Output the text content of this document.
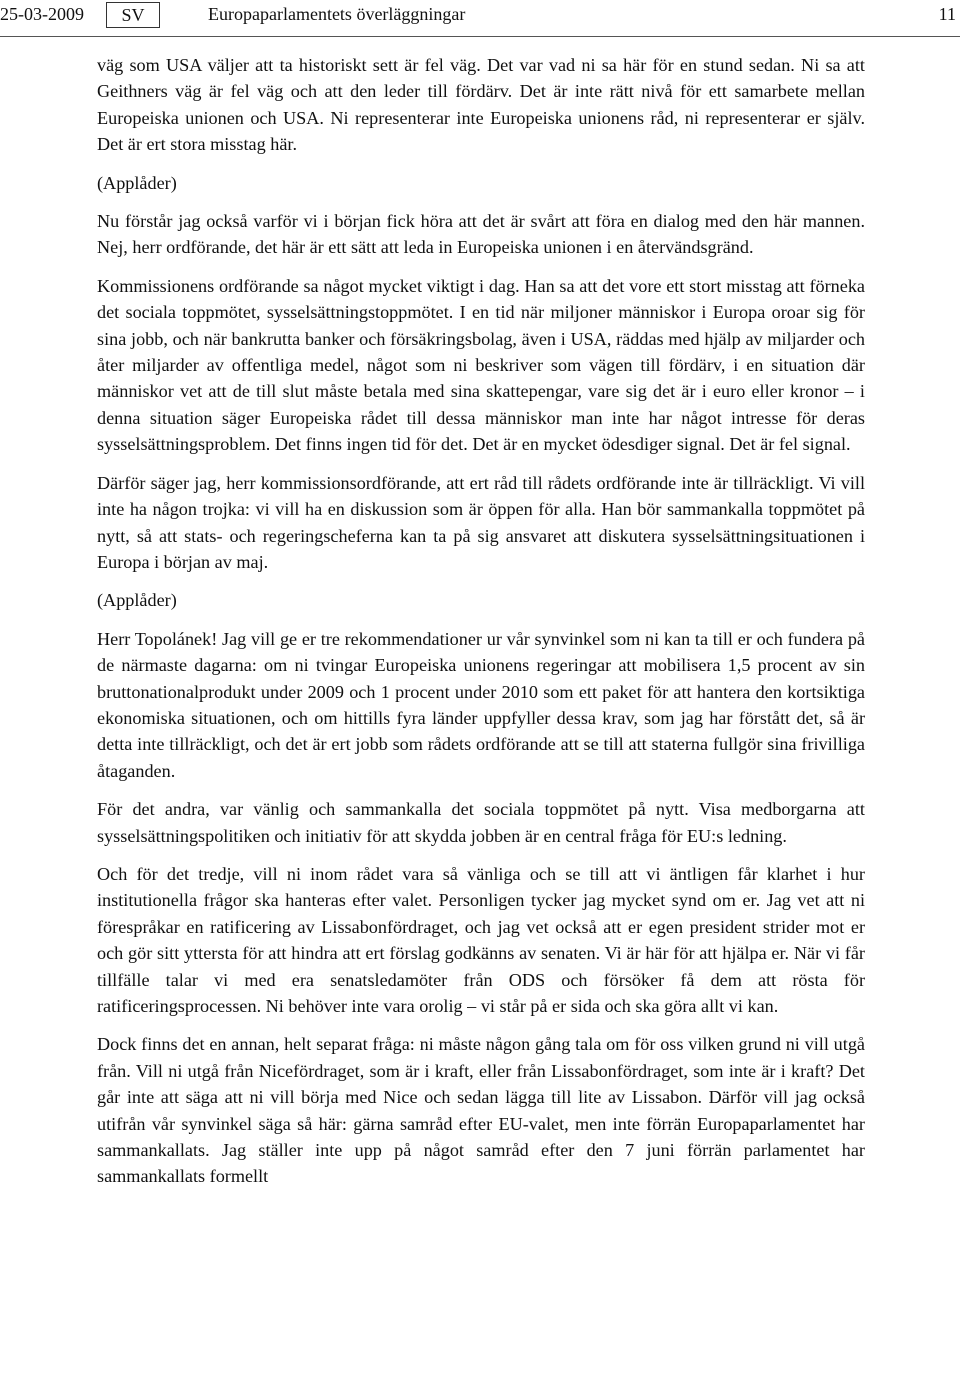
25-03-2009	SV	Europaparlamentets överläggningar	11

väg som USA väljer att ta historiskt sett är fel väg. Det var vad ni sa här för en stund sedan. Ni sa att Geithners väg är fel väg och att den leder till fördärv. Det är inte rätt nivå för ett samarbete mellan Europeiska unionen och USA. Ni representerar inte Europeiska unionens råd, ni representerar er själv. Det är ert stora misstag här.

(Applåder)

Nu förstår jag också varför vi i början fick höra att det är svårt att föra en dialog med den här mannen. Nej, herr ordförande, det här är ett sätt att leda in Europeiska unionen i en återvändsgränd.

Kommissionens ordförande sa något mycket viktigt i dag. Han sa att det vore ett stort misstag att förneka det sociala toppmötet, sysselsättningstoppmötet. I en tid när miljoner människor i Europa oroar sig för sina jobb, och när bankrutta banker och försäkringsbolag, även i USA, räddas med hjälp av miljarder och åter miljarder av offentliga medel, något som ni beskriver som vägen till fördärv, i en situation där människor vet att de till slut måste betala med sina skattepengar, vare sig det är i euro eller kronor – i denna situation säger Europeiska rådet till dessa människor man inte har något intresse för deras sysselsättningsproblem. Det finns ingen tid för det. Det är en mycket ödesdiger signal. Det är fel signal.

Därför säger jag, herr kommissionsordförande, att ert råd till rådets ordförande inte är tillräckligt. Vi vill inte ha någon trojka: vi vill ha en diskussion som är öppen för alla. Han bör sammankalla toppmötet på nytt, så att stats- och regeringscheferna kan ta på sig ansvaret att diskutera sysselsättningsituationen i Europa i början av maj.

(Applåder)

Herr Topolánek! Jag vill ge er tre rekommendationer ur vår synvinkel som ni kan ta till er och fundera på de närmaste dagarna: om ni tvingar Europeiska unionens regeringar att mobilisera 1,5 procent av sin bruttonationalprodukt under 2009 och 1 procent under 2010 som ett paket för att hantera den kortsiktiga ekonomiska situationen, och om hittills fyra länder uppfyller dessa krav, som jag har förstått det, så är detta inte tillräckligt, och det är ert jobb som rådets ordförande att se till att staterna fullgör sina frivilliga åtaganden.

För det andra, var vänlig och sammankalla det sociala toppmötet på nytt. Visa medborgarna att sysselsättningspolitiken och initiativ för att skydda jobben är en central fråga för EU:s ledning.

Och för det tredje, vill ni inom rådet vara så vänliga och se till att vi äntligen får klarhet i hur institutionella frågor ska hanteras efter valet. Personligen tycker jag mycket synd om er. Jag vet att ni förespråkar en ratificering av Lissabonfördraget, och jag vet också att er egen president strider mot er och gör sitt yttersta för att hindra att ert förslag godkänns av senaten. Vi är här för att hjälpa er. När vi får tillfälle talar vi med era senatsledamöter från ODS och försöker få dem att rösta för ratificeringsprocessen. Ni behöver inte vara orolig – vi står på er sida och ska göra allt vi kan.

Dock finns det en annan, helt separat fråga: ni måste någon gång tala om för oss vilken grund ni vill utgå från. Vill ni utgå från Nicefördraget, som är i kraft, eller från Lissabonfördraget, som inte är i kraft? Det går inte att säga att ni vill börja med Nice och sedan lägga till lite av Lissabon. Därför vill jag också utifrån vår synvinkel säga så här: gärna samråd efter EU-valet, men inte förrän Europaparlamentet har sammankallats. Jag ställer inte upp på något samråd efter den 7 juni förrän parlamentet har sammankallats formellt
